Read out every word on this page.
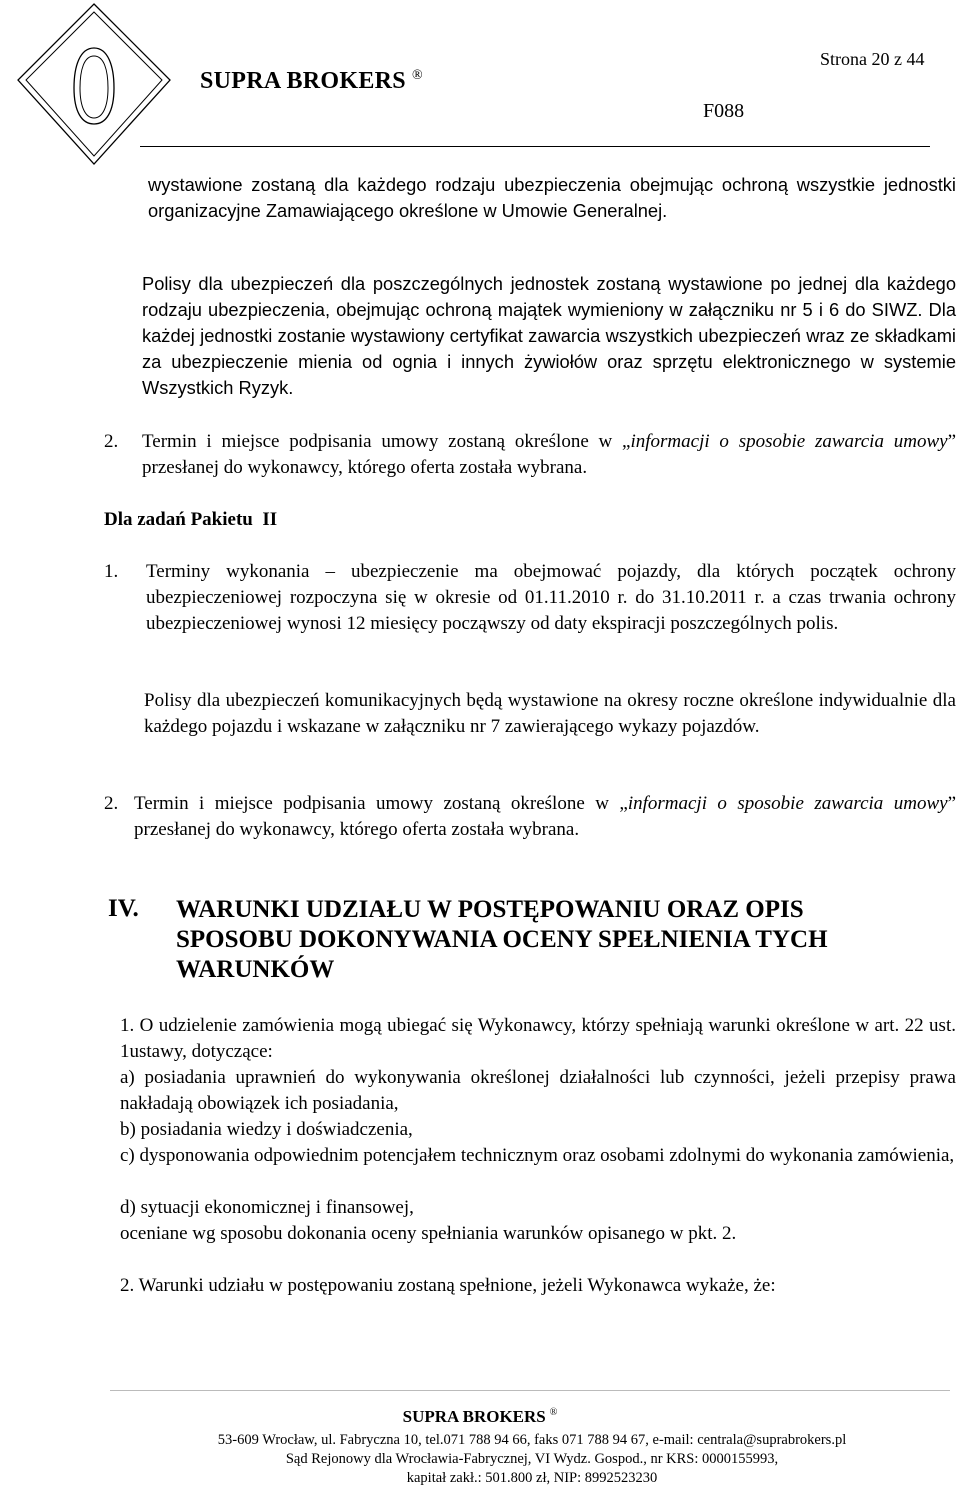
SUPRA BROKERS ®
Strona 20 z 44
F088
wystawione zostaną dla każdego rodzaju ubezpieczenia obejmując ochroną wszystkie jednostki organizacyjne Zamawiającego określone w Umowie Generalnej.
Polisy dla ubezpieczeń dla poszczególnych jednostek zostaną wystawione po jednej dla każdego rodzaju ubezpieczenia, obejmując ochroną majątek wymieniony w załączniku nr 5 i 6 do SIWZ. Dla każdej jednostki zostanie wystawiony certyfikat zawarcia wszystkich ubezpieczeń wraz ze składkami za ubezpieczenie mienia od ognia i innych żywiołów oraz sprzętu elektronicznego w systemie Wszystkich Ryzyk.
2. Termin i miejsce podpisania umowy zostaną określone w „informacji o sposobie zawarcia umowy” przesłanej do wykonawcy, którego oferta została wybrana.
Dla zadań Pakietu  II
1. Terminy wykonania – ubezpieczenie ma obejmować pojazdy, dla których początek ochrony ubezpieczeniowej rozpoczyna się w okresie od 01.11.2010 r. do 31.10.2011 r. a czas trwania ochrony ubezpieczeniowej wynosi 12 miesięcy począwszy od daty ekspiracji poszczególnych polis.
Polisy dla ubezpieczeń komunikacyjnych będą wystawione na okresy roczne określone indywidualnie dla każdego pojazdu i wskazane w załączniku nr 7 zawierającego wykazy pojazdów.
2. Termin i miejsce podpisania umowy zostaną określone w „informacji o sposobie zawarcia umowy” przesłanej do wykonawcy, którego oferta została wybrana.
IV. WARUNKI UDZIAŁU W POSTĘPOWANIU ORAZ OPIS SPOSOBU DOKONYWANIA OCENY SPEŁNIENIA TYCH WARUNKÓW
1. O udzielenie zamówienia mogą ubiegać się Wykonawcy, którzy spełniają warunki określone w art. 22 ust. 1ustawy, dotyczące:
a) posiadania uprawnień do wykonywania określonej działalności lub czynności, jeżeli przepisy prawa nakładają obowiązek ich posiadania,
b) posiadania wiedzy i doświadczenia,
c) dysponowania odpowiednim potencjałem technicznym oraz osobami zdolnymi do wykonania zamówienia,
d) sytuacji ekonomicznej i finansowej,
oceniane wg sposobu dokonania oceny spełniania warunków opisanego w pkt. 2.
2. Warunki udziału w postępowaniu zostaną spełnione, jeżeli Wykonawca wykaże, że:
SUPRA BROKERS ®
53-609 Wrocław, ul. Fabryczna 10, tel.071 788 94 66, faks 071 788 94 67, e-mail: centrala@suprabrokers.pl
Sąd Rejonowy dla Wrocławia-Fabrycznej, VI Wydz. Gospod., nr KRS: 0000155993,
kapitał zakł.: 501.800 zł, NIP: 8992523230
